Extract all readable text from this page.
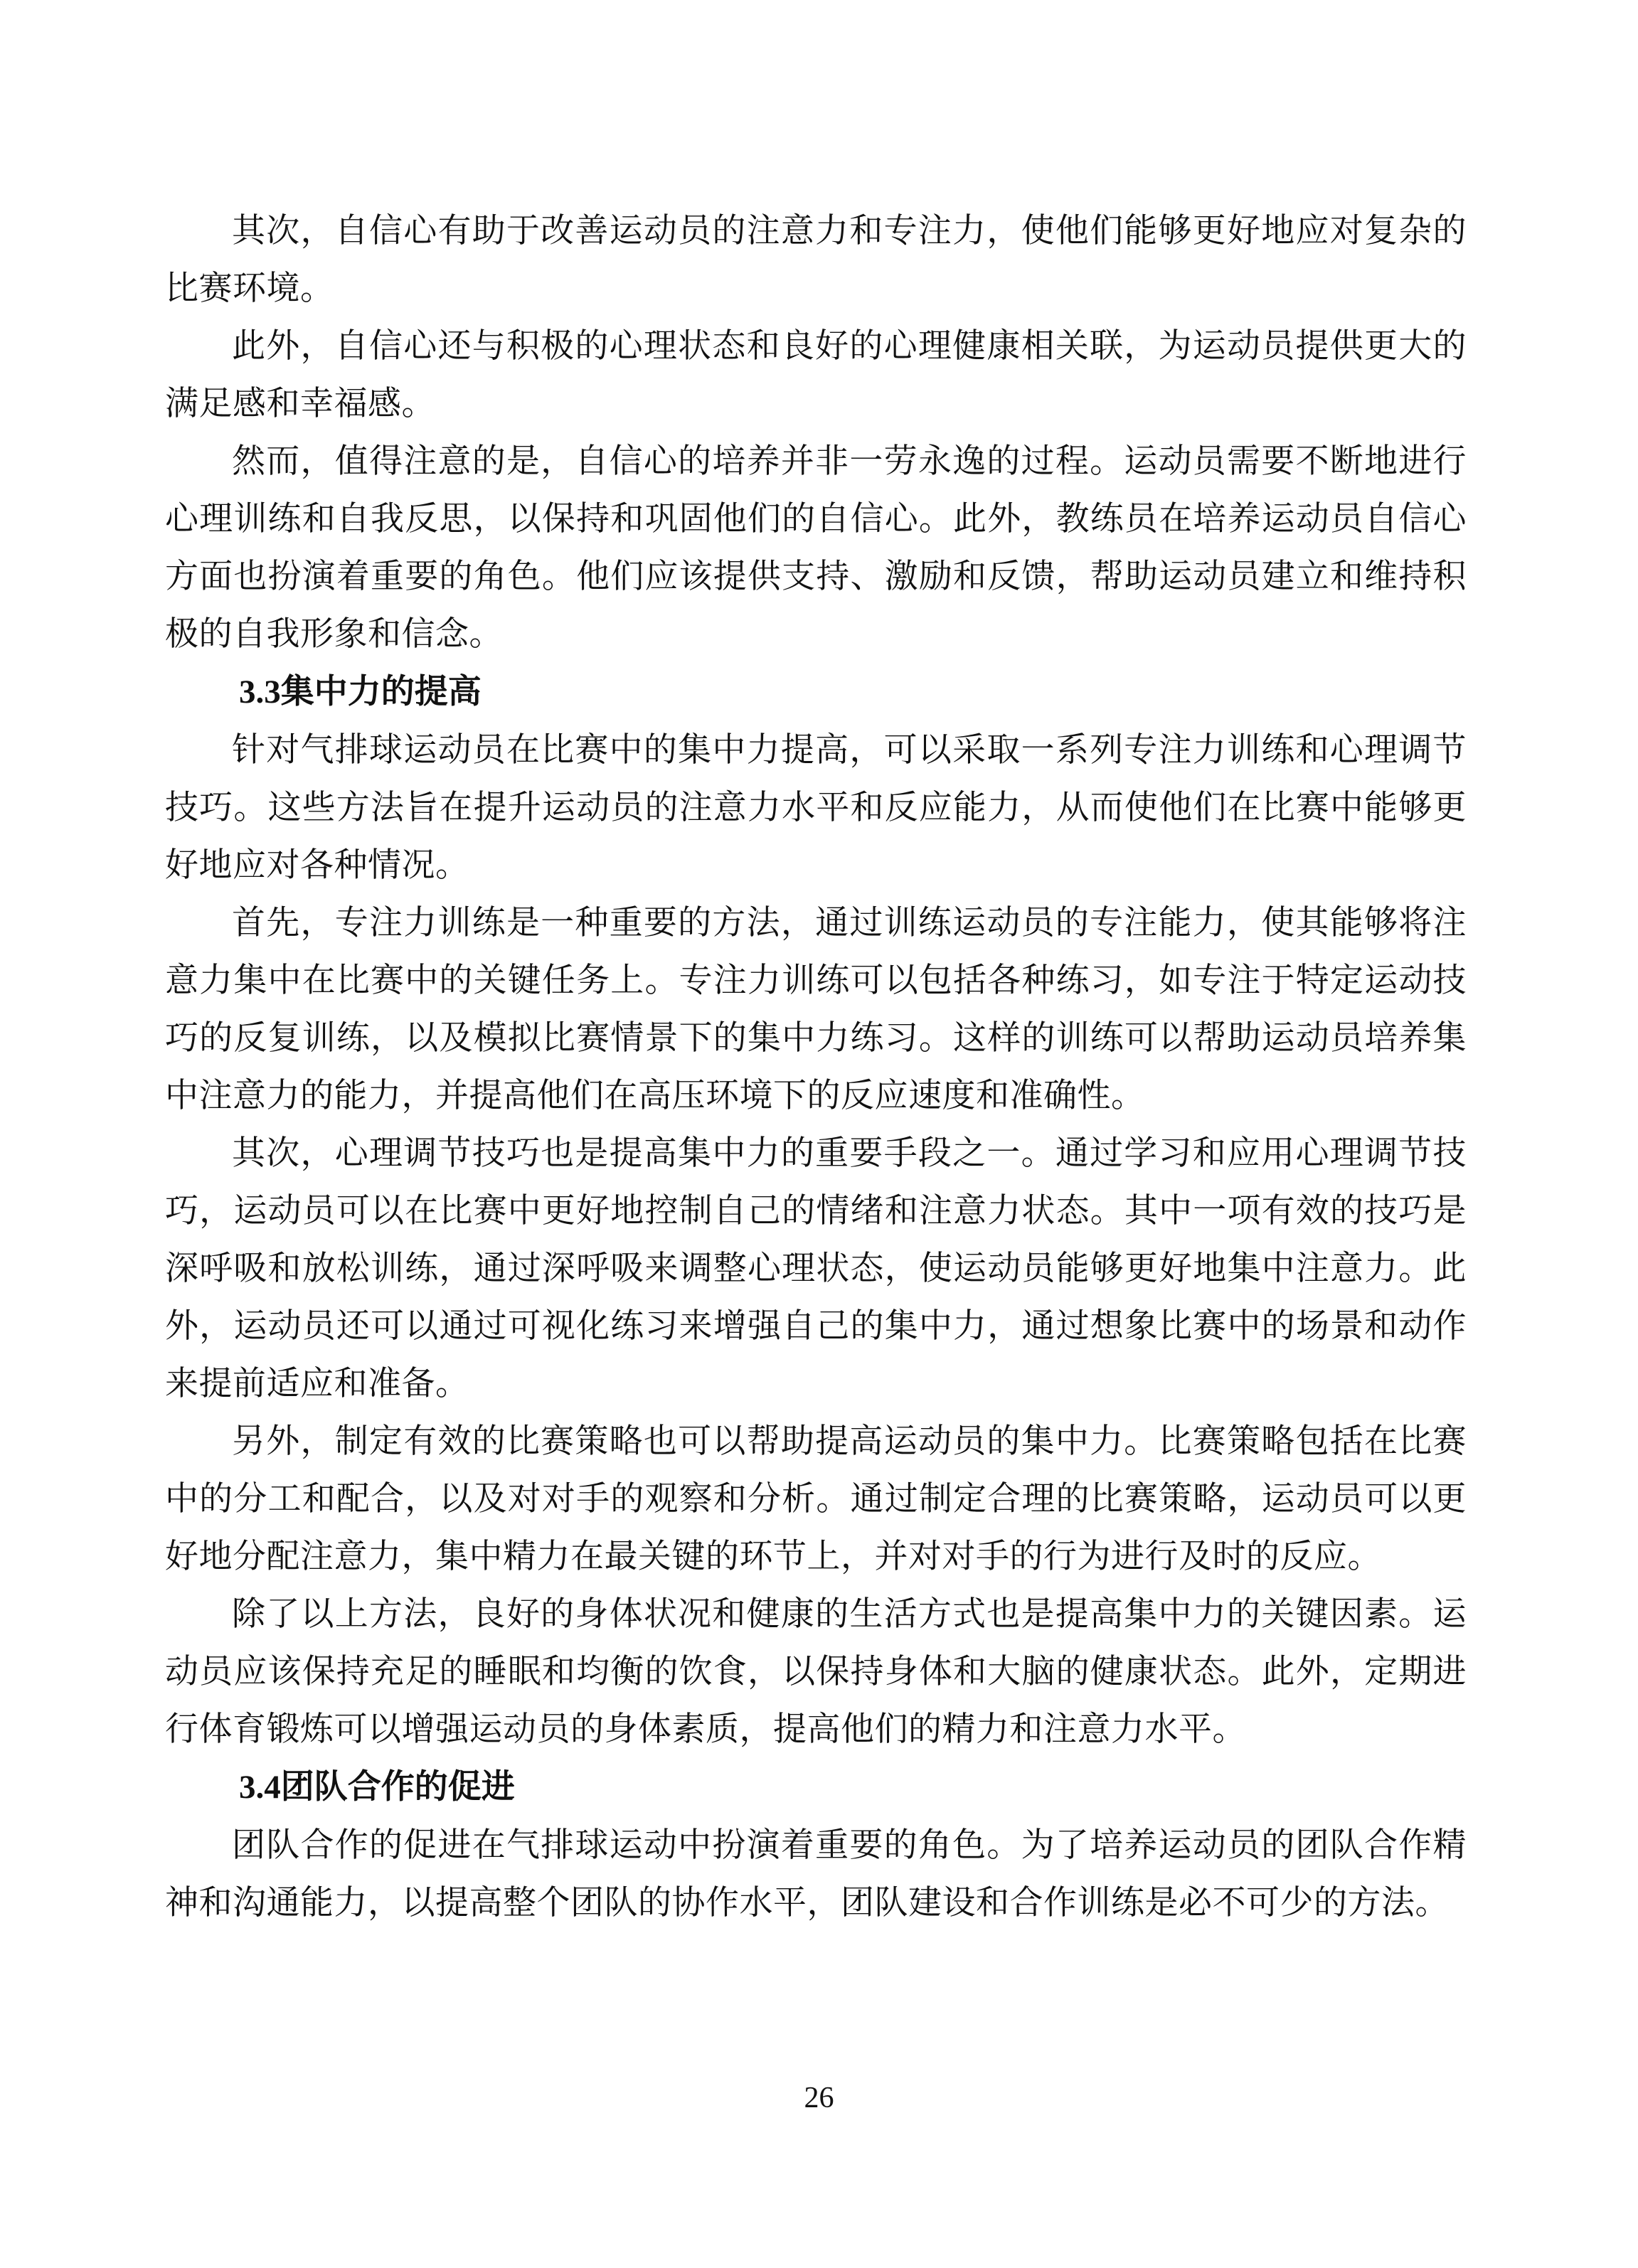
其次，自信心有助于改善运动员的注意力和专注力，使他们能够更好地应对复杂的比赛环境。

此外，自信心还与积极的心理状态和良好的心理健康相关联，为运动员提供更大的满足感和幸福感。

然而，值得注意的是，自信心的培养并非一劳永逸的过程。运动员需要不断地进行心理训练和自我反思，以保持和巩固他们的自信心。此外，教练员在培养运动员自信心方面也扮演着重要的角色。他们应该提供支持、激励和反馈，帮助运动员建立和维持积极的自我形象和信念。

3.3集中力的提高

针对气排球运动员在比赛中的集中力提高，可以采取一系列专注力训练和心理调节技巧。这些方法旨在提升运动员的注意力水平和反应能力，从而使他们在比赛中能够更好地应对各种情况。

首先，专注力训练是一种重要的方法，通过训练运动员的专注能力，使其能够将注意力集中在比赛中的关键任务上。专注力训练可以包括各种练习，如专注于特定运动技巧的反复训练，以及模拟比赛情景下的集中力练习。这样的训练可以帮助运动员培养集中注意力的能力，并提高他们在高压环境下的反应速度和准确性。

其次，心理调节技巧也是提高集中力的重要手段之一。通过学习和应用心理调节技巧，运动员可以在比赛中更好地控制自己的情绪和注意力状态。其中一项有效的技巧是深呼吸和放松训练，通过深呼吸来调整心理状态，使运动员能够更好地集中注意力。此外，运动员还可以通过可视化练习来增强自己的集中力，通过想象比赛中的场景和动作来提前适应和准备。

另外，制定有效的比赛策略也可以帮助提高运动员的集中力。比赛策略包括在比赛中的分工和配合，以及对对手的观察和分析。通过制定合理的比赛策略，运动员可以更好地分配注意力，集中精力在最关键的环节上，并对对手的行为进行及时的反应。

除了以上方法，良好的身体状况和健康的生活方式也是提高集中力的关键因素。运动员应该保持充足的睡眠和均衡的饮食，以保持身体和大脑的健康状态。此外，定期进行体育锻炼可以增强运动员的身体素质，提高他们的精力和注意力水平。

3.4团队合作的促进

团队合作的促进在气排球运动中扮演着重要的角色。为了培养运动员的团队合作精神和沟通能力，以提高整个团队的协作水平，团队建设和合作训练是必不可少的方法。

26
